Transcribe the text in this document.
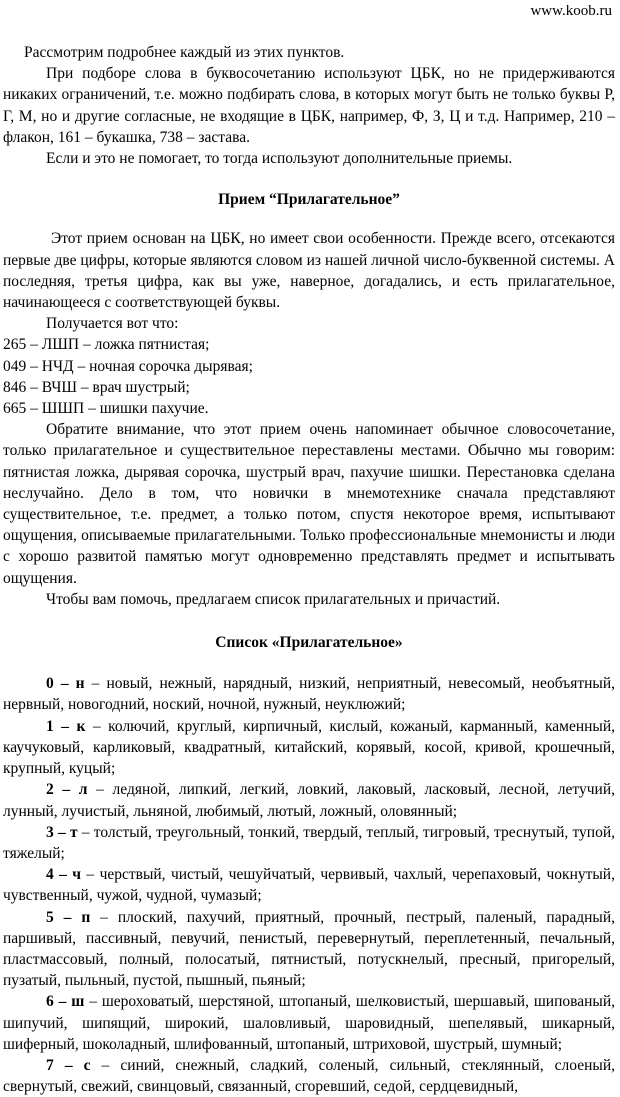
www.koob.ru

Рассмотрим подробнее каждый из этих пунктов.

При подборе слова в буквосочетанию используют ЦБК, но не придерживаются никаких ограничений, т.е. можно подбирать слова, в которых могут быть не только буквы Р, Г, М, но и другие согласные, не входящие в ЦБК, например, Ф, З, Ц и т.д. Например, 210 – флакон, 161 – букашка, 738 – застава.

Если и это не помогает, то тогда используют дополнительные приемы.

Прием “Прилагательное”

Этот прием основан на ЦБК, но имеет свои особенности. Прежде всего, отсекаются первые две цифры, которые являются словом из нашей личной число-буквенной системы. А последняя, третья цифра, как вы уже, наверное, догадались, и есть прилагательное, начинающееся с соответствующей буквы.

Получается вот что:

265 – ЛШП – ложка пятнистая;

049 – НЧД – ночная сорочка дырявая;

846 – ВЧШ – врач шустрый;

665 – ШШП – шишки пахучие.

Обратите внимание, что этот прием очень напоминает обычное словосочетание, только прилагательное и существительное переставлены местами. Обычно мы говорим: пятнистая ложка, дырявая сорочка, шустрый врач, пахучие шишки. Перестановка сделана неслучайно. Дело в том, что новички в мнемотехнике сначала представляют существительное, т.е. предмет, а только потом, спустя некоторое время, испытывают ощущения, описываемые прилагательными. Только профессиональные мнемонисты и люди с хорошо развитой памятью могут одновременно представлять предмет и испытывать ощущения.

Чтобы вам помочь, предлагаем список прилагательных и причастий.

Список «Прилагательное»

0 – н – новый, нежный, нарядный, низкий, неприятный, невесомый, необъятный, нервный, новогодний, ноский, ночной, нужный, неуклюжий;

1 – к – колючий, круглый, кирпичный, кислый, кожаный, карманный, каменный, каучуковый, карликовый, квадратный, китайский, корявый, косой, кривой, крошечный, крупный, куцый;

2 – л – ледяной, липкий, легкий, ловкий, лаковый, ласковый, лесной, летучий, лунный, лучистый, льняной, любимый, лютый, ложный, оловянный;

3 – т – толстый, треугольный, тонкий, твердый, теплый, тигровый, треснутый, тупой, тяжелый;

4 – ч – черствый, чистый, чешуйчатый, червивый, чахлый, черепаховый, чокнутый, чувственный, чужой, чудной, чумазый;

5 – п – плоский, пахучий, приятный, прочный, пестрый, паленый, парадный, паршивый, пассивный, певучий, пенистый, перевернутый, переплетенный, печальный, пластмассовый, полный, полосатый, пятнистый, потускнелый, пресный, пригорелый, пузатый, пыльный, пустой, пышный, пьяный;

6 – ш – шероховатый, шерстяной, штопаный, шелковистый, шершавый, шипованый, шипучий, шипящий, широкий, шаловливый, шаровидный, шепелявый, шикарный, шиферный, шоколадный, шлифованный, штопаный, штриховой, шустрый, шумный;

7 – с – синий, снежный, сладкий, соленый, сильный, стеклянный, слоеный, свернутый, свежий, свинцовый, связанный, сгоревший, седой, сердцевидный,
